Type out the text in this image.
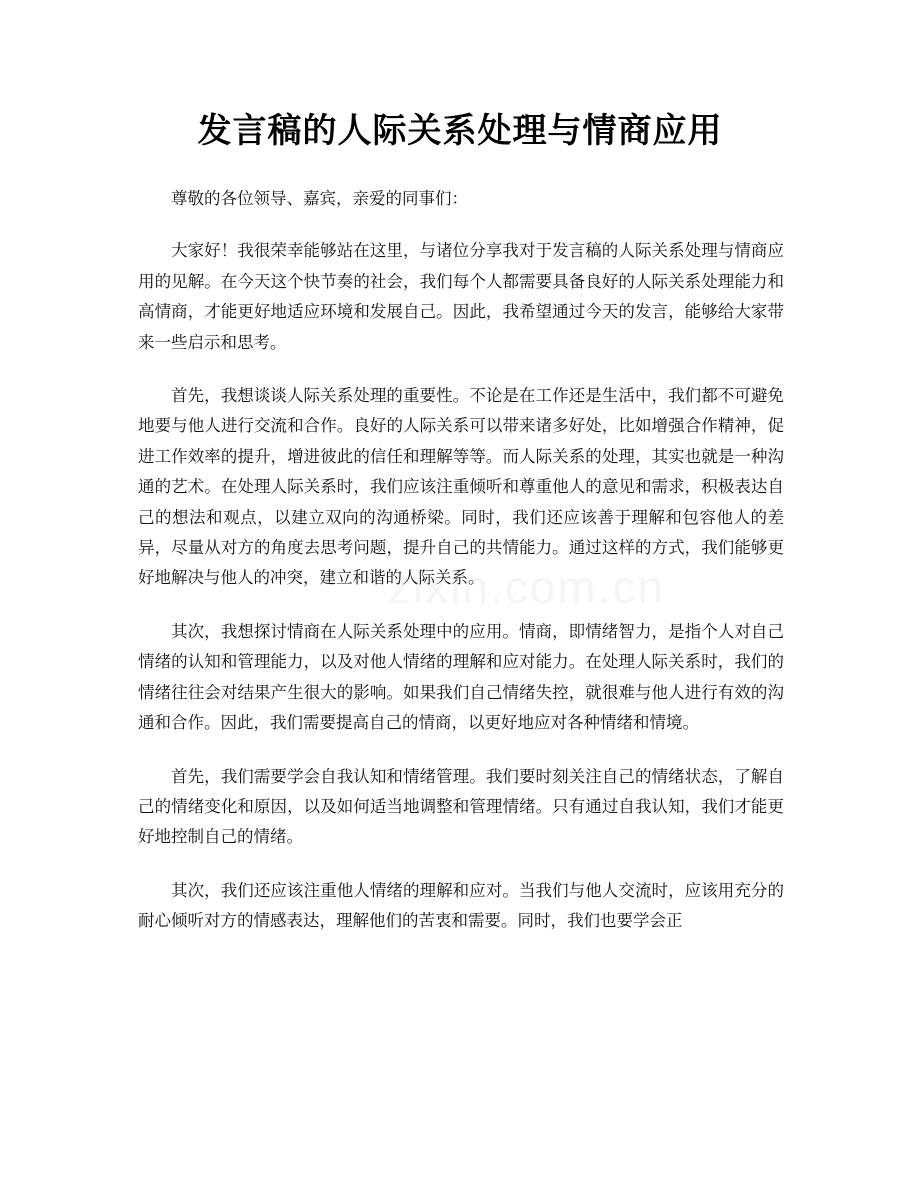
发言稿的人际关系处理与情商应用

尊敬的各位领导、嘉宾，亲爱的同事们：

大家好！我很荣幸能够站在这里，与诸位分享我对于发言稿的人际关系处理与情商应用的见解。在今天这个快节奏的社会，我们每个人都需要具备良好的人际关系处理能力和高情商，才能更好地适应环境和发展自己。因此，我希望通过今天的发言，能够给大家带来一些启示和思考。

首先，我想谈谈人际关系处理的重要性。不论是在工作还是生活中，我们都不可避免地要与他人进行交流和合作。良好的人际关系可以带来诸多好处，比如增强合作精神，促进工作效率的提升，增进彼此的信任和理解等等。而人际关系的处理，其实也就是一种沟通的艺术。在处理人际关系时，我们应该注重倾听和尊重他人的意见和需求，积极表达自己的想法和观点，以建立双向的沟通桥梁。同时，我们还应该善于理解和包容他人的差异，尽量从对方的角度去思考问题，提升自己的共情能力。通过这样的方式，我们能够更好地解决与他人的冲突，建立和谐的人际关系。

其次，我想探讨情商在人际关系处理中的应用。情商，即情绪智力，是指个人对自己情绪的认知和管理能力，以及对他人情绪的理解和应对能力。在处理人际关系时，我们的情绪往往会对结果产生很大的影响。如果我们自己情绪失控，就很难与他人进行有效的沟通和合作。因此，我们需要提高自己的情商，以更好地应对各种情绪和情境。

首先，我们需要学会自我认知和情绪管理。我们要时刻关注自己的情绪状态，了解自己的情绪变化和原因，以及如何适当地调整和管理情绪。只有通过自我认知，我们才能更好地控制自己的情绪。

其次，我们还应该注重他人情绪的理解和应对。当我们与他人交流时，应该用充分的耐心倾听对方的情感表达，理解他们的苦衷和需要。同时，我们也要学会正

zixin.com.cn
